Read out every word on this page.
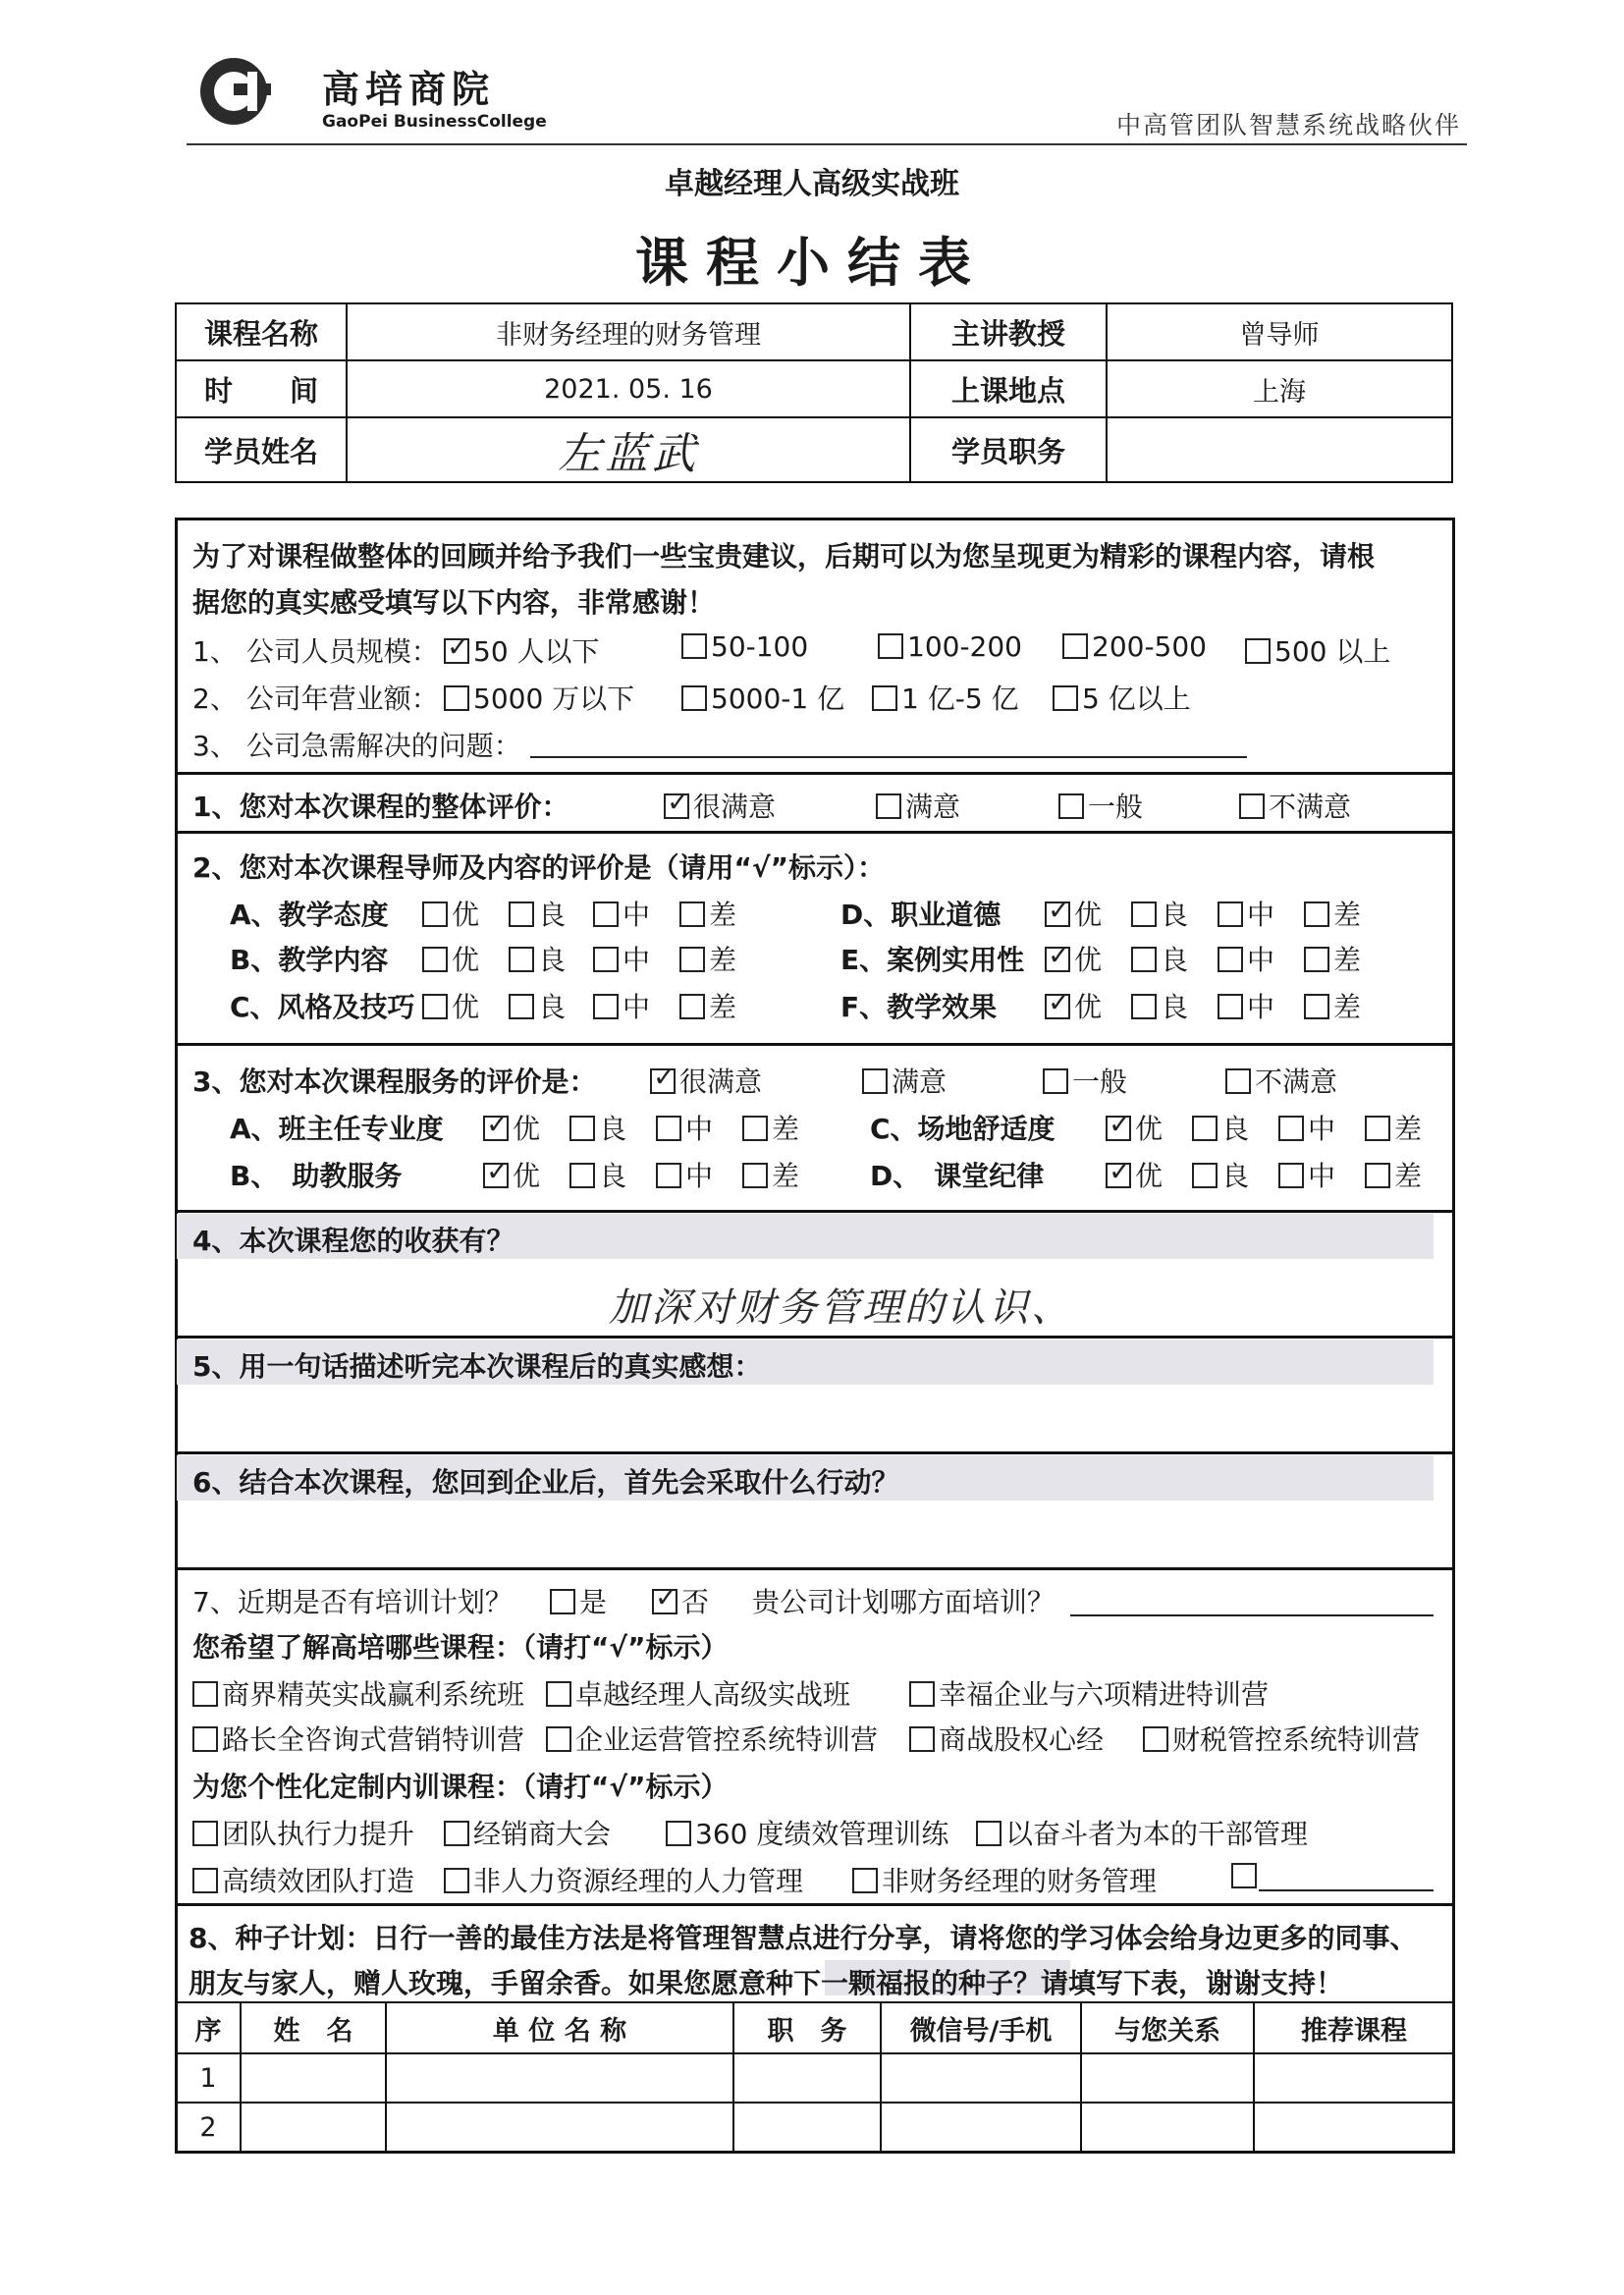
高培商院
GaoPei BusinessCollege	中高管团队智慧系统战略伙伴
卓越经理人高级实战班
课程小结表
课程名称	非财务经理的财务管理	主讲教授	曾导师
时　　间	2021. 05. 16	上课地点	上海
学员姓名	左蓝武	学员职务	
为了对课程做整体的回顾并给予我们一些宝贵建议，后期可以为您呈现更为精彩的课程内容，请根
据您的真实感受填写以下内容，非常感谢！
1、 公司人员规模： ✓	50 人以下	50-100	100-200	200-500	500 以上
2、 公司年营业额：	5000 万以下	5000-1 亿	1 亿-5 亿	5 亿以上
3、 公司急需解决的问题：
1、您对本次课程的整体评价： ✓	很满意	满意	一般	不满意
2、您对本次课程导师及内容的评价是（请用“√”标示）：
3、您对本次课程服务的评价是： ✓	很满意	满意	一般	不满意
4、本次课程您的收获有？
加深对财务管理的认识、
5、用一句话描述听完本次课程后的真实感想：
6、结合本次课程，您回到企业后，首先会采取什么行动？
7、近期是否有培训计划？	是 ✓	否 贵公司计划哪方面培训？
您希望了解高培哪些课程：（请打“√”标示）
为您个性化定制内训课程：（请打“√”标示）
8、种子计划：日行一善的最佳方法是将管理智慧点进行分享，请将您的学习体会给身边更多的同事、
朋友与家人，赠人玫瑰，手留余香。如果您愿意种下一颗福报的种子？请填写下表，谢谢支持！
序	姓　名	单 位 名 称	职　务	微信号/手机	与您关系	推荐课程
1						
2						
A、教学态度	优	良	中	差	D、职业道德 ✓	优	良	中	差
B、教学内容	优	良	中	差	E、案例实用性 ✓	优	良	中	差
C、风格及技巧	优	良	中	差	F、教学效果 ✓	优	良	中	差
A、班主任专业度 ✓	优	良	中	差	C、场地舒适度 ✓	优	良	中	差
B、　助教服务 ✓	优	良	中	差	D、　课堂纪律 ✓	优	良	中	差
商界精英实战赢利系统班	卓越经理人高级实战班	幸福企业与六项精进特训营
路长全咨询式营销特训营	企业运营管控系统特训营	商战股权心经	财税管控系统特训营
团队执行力提升	经销商大会	360 度绩效管理训练	以奋斗者为本的干部管理
高绩效团队打造	非人力资源经理的人力管理	非财务经理的财务管理
